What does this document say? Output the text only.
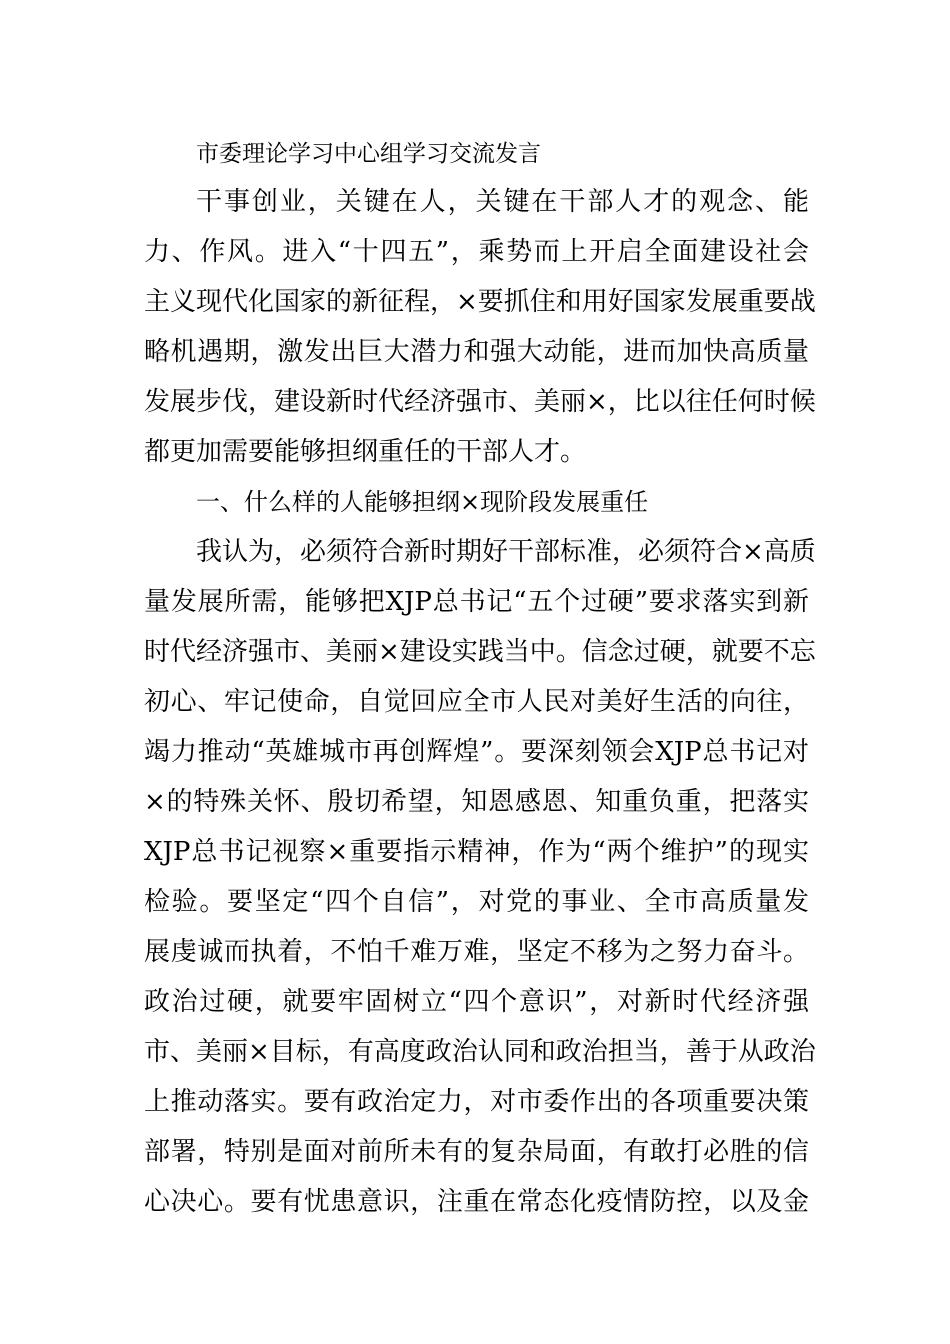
市委理论学习中心组学习交流发言

干事创业，关键在人，关键在干部人才的观念、能

力、作风。进入“十四五”，乘势而上开启全面建设社会

主义现代化国家的新征程，×要抓住和用好国家发展重要战

略机遇期，激发出巨大潜力和强大动能，进而加快高质量

发展步伐，建设新时代经济强市、美丽×，比以往任何时候

都更加需要能够担纲重任的干部人才。

一、什么样的人能够担纲×现阶段发展重任

我认为，必须符合新时期好干部标准，必须符合×高质

量发展所需，能够把XJP总书记“五个过硬”要求落实到新

时代经济强市、美丽×建设实践当中。信念过硬，就要不忘

初心、牢记使命，自觉回应全市人民对美好生活的向往，

竭力推动“英雄城市再创辉煌”。要深刻领会XJP总书记对

×的特殊关怀、殷切希望，知恩感恩、知重负重，把落实

XJP总书记视察×重要指示精神，作为“两个维护”的现实

检验。要坚定“四个自信”，对党的事业、全市高质量发

展虔诚而执着，不怕千难万难，坚定不移为之努力奋斗。

政治过硬，就要牢固树立“四个意识”，对新时代经济强

市、美丽×目标，有高度政治认同和政治担当，善于从政治

上推动落实。要有政治定力，对市委作出的各项重要决策

部署，特别是面对前所未有的复杂局面，有敢打必胜的信

心决心。要有忧患意识，注重在常态化疫情防控，以及金
